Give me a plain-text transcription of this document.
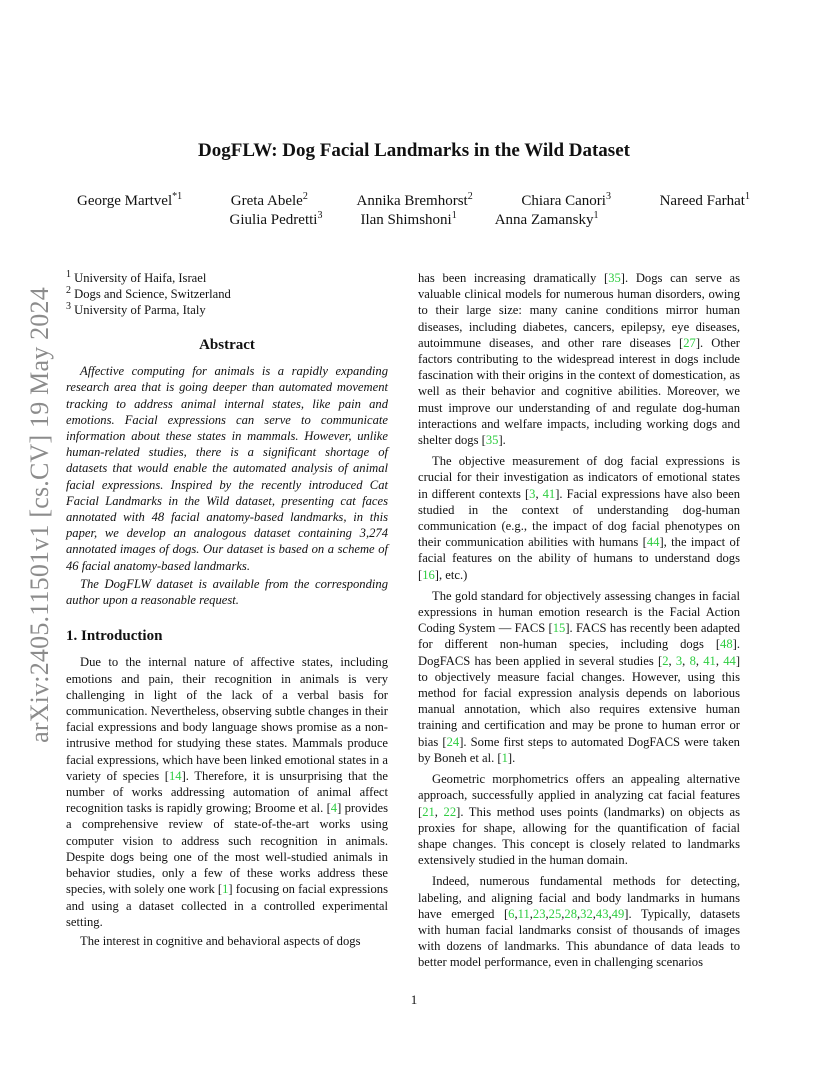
arXiv:2405.11501v1 [cs.CV] 19 May 2024
DogFLW: Dog Facial Landmarks in the Wild Dataset
George Martvel$^{*1}$	Greta Abele$^2$	Annika Bremhorst$^2$	Chiara Canori$^3$	Nareed Farhat$^1$
Giulia Pedretti$^3$	Ilan Shimshoni$^1$	Anna Zamansky$^1$
$^1$ University of Haifa, Israel
$^2$ Dogs and Science, Switzerland
$^3$ University of Parma, Italy
Abstract

Affective computing for animals is a rapidly expanding research area that is going deeper than automated movement tracking to address animal internal states, like pain and emotions. Facial expressions can serve to communicate information about these states in mammals. However, unlike human-related studies, there is a significant shortage of datasets that would enable the automated analysis of animal facial expressions. Inspired by the recently introduced Cat Facial Landmarks in the Wild dataset, presenting cat faces annotated with 48 facial anatomy-based landmarks, in this paper, we develop an analogous dataset containing 3,274 annotated images of dogs. Our dataset is based on a scheme of 46 facial anatomy-based landmarks.

The DogFLW dataset is available from the corresponding author upon a reasonable request.

1. Introduction

Due to the internal nature of affective states, including emotions and pain, their recognition in animals is very challenging in light of the lack of a verbal basis for communication. Nevertheless, observing subtle changes in their facial expressions and body language shows promise as a non-intrusive method for studying these states. Mammals produce facial expressions, which have been linked emotional states in a variety of species [14]. Therefore, it is unsurprising that the number of works addressing automation of animal affect recognition tasks is rapidly growing; Broome et al. [4] provides a comprehensive review of state-of-the-art works using computer vision to address such recognition in animals. Despite dogs being one of the most well-studied animals in behavior studies, only a few of these works address these species, with solely one work [1] focusing on facial expressions and using a dataset collected in a controlled experimental setting.

The interest in cognitive and behavioral aspects of dogs

has been increasing dramatically [35]. Dogs can serve as valuable clinical models for numerous human disorders, owing to their large size: many canine conditions mirror human diseases, including diabetes, cancers, epilepsy, eye diseases, autoimmune diseases, and other rare diseases [27]. Other factors contributing to the widespread interest in dogs include fascination with their origins in the context of domestication, as well as their behavior and cognitive abilities. Moreover, we must improve our understanding of and regulate dog-human interactions and welfare impacts, including working dogs and shelter dogs [35].

The objective measurement of dog facial expressions is crucial for their investigation as indicators of emotional states in different contexts [3, 41]. Facial expressions have also been studied in the context of understanding dog-human communication (e.g., the impact of dog facial phenotypes on their communication abilities with humans [44], the impact of facial features on the ability of humans to understand dogs [16], etc.)

The gold standard for objectively assessing changes in facial expressions in human emotion research is the Facial Action Coding System — FACS [15]. FACS has recently been adapted for different non-human species, including dogs [48]. DogFACS has been applied in several studies [2, 3, 8, 41, 44] to objectively measure facial changes. However, using this method for facial expression analysis depends on laborious manual annotation, which also requires extensive human training and certification and may be prone to human error or bias [24]. Some first steps to automated DogFACS were taken by Boneh et al. [1].

Geometric morphometrics offers an appealing alternative approach, successfully applied in analyzing cat facial features [21, 22]. This method uses points (landmarks) on objects as proxies for shape, allowing for the quantification of facial shape changes. This concept is closely related to landmarks extensively studied in the human domain.

Indeed, numerous fundamental methods for detecting, labeling, and aligning facial and body landmarks in humans have emerged [6,11,23,25,28,32,43,49]. Typically, datasets with human facial landmarks consist of thousands of images with dozens of landmarks. This abundance of data leads to better model performance, even in challenging scenarios

1
